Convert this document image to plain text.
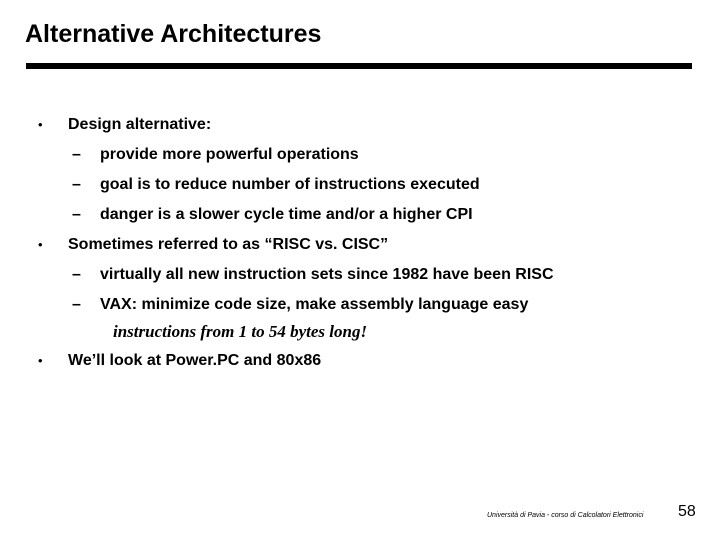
Alternative Architectures
• Design alternative:
– provide more powerful operations
– goal is to reduce number of instructions executed
– danger is a slower cycle time and/or a higher CPI
• Sometimes referred to as “RISC vs. CISC”
– virtually all new instruction sets since 1982 have been RISC
– VAX: minimize code size, make assembly language easy
instructions from 1 to 54 bytes long!
• We’ll look at Power.PC and 80x86
Università di Pavia - corso di Calcolatori Elettronici 58
